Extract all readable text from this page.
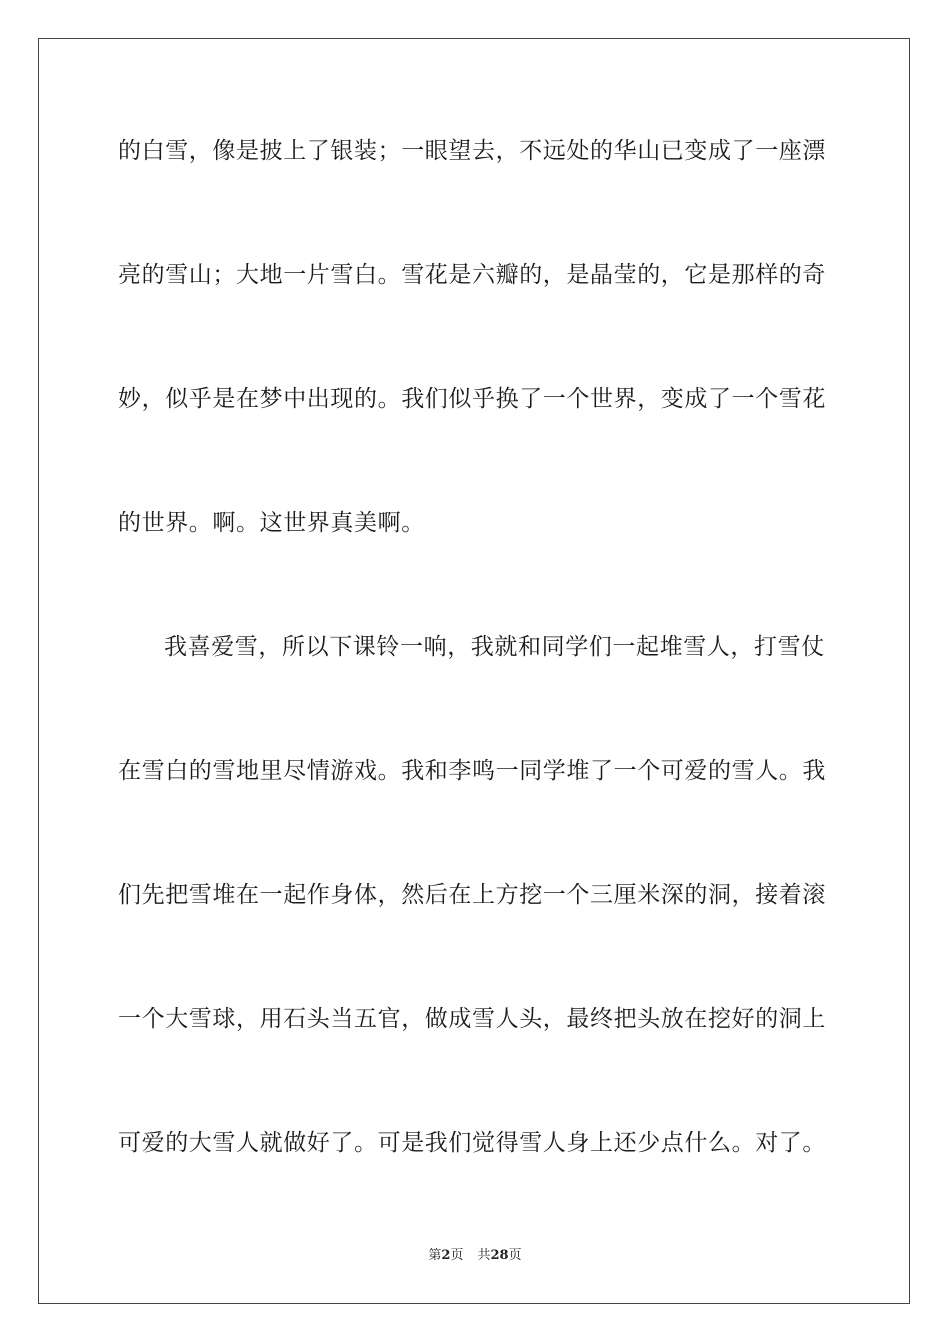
的白雪，像是披上了银装；一眼望去，不远处的华山已变成了一座漂
亮的雪山；大地一片雪白。雪花是六瓣的，是晶莹的，它是那样的奇
妙，似乎是在梦中出现的。我们似乎换了一个世界，变成了一个雪花
的世界。啊。这世界真美啊。
我喜爱雪，所以下课铃一响，我就和同学们一起堆雪人，打雪仗
在雪白的雪地里尽情游戏。我和李鸣一同学堆了一个可爱的雪人。我
们先把雪堆在一起作身体，然后在上方挖一个三厘米深的洞，接着滚
一个大雪球，用石头当五官，做成雪人头，最终把头放在挖好的洞上
可爱的大雪人就做好了。可是我们觉得雪人身上还少点什么。对了。
第2页 共28页
